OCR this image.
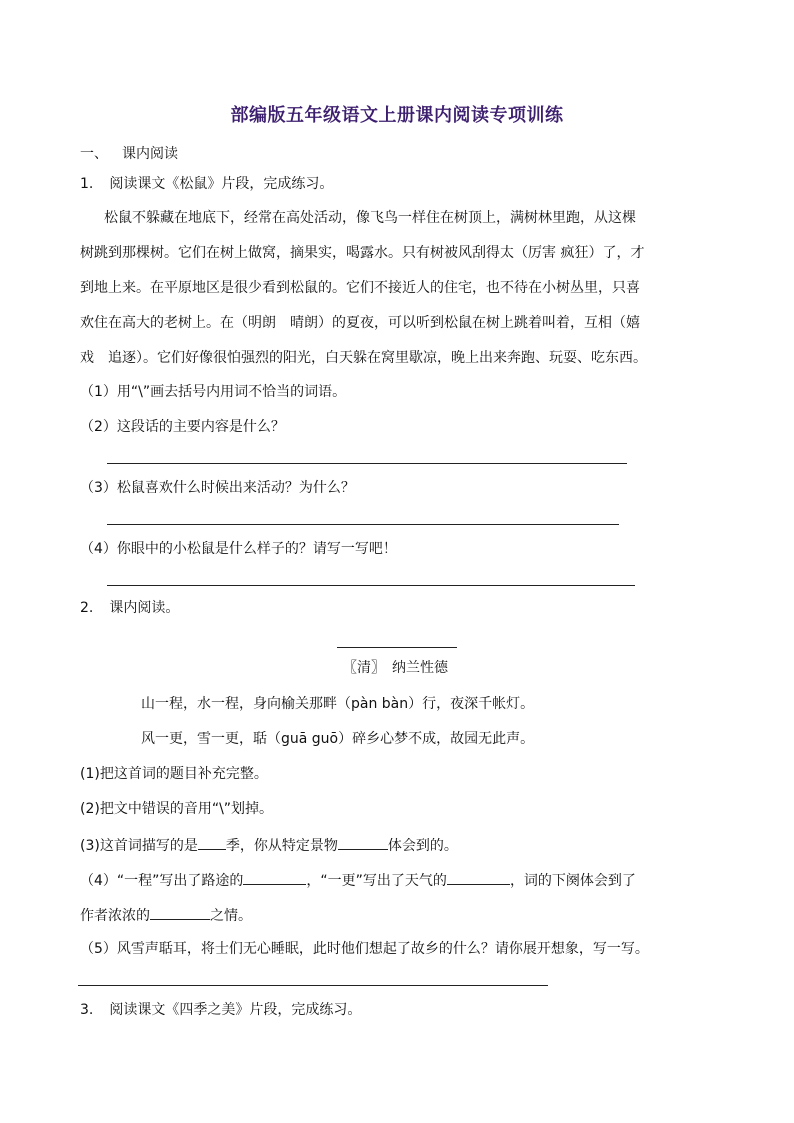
部编版五年级语文上册课内阅读专项训练
一、 课内阅读
1. 阅读课文《松鼠》片段，完成练习。
松鼠不躲藏在地底下，经常在高处活动，像飞鸟一样住在树顶上，满树林里跑，从这棵
树跳到那棵树。它们在树上做窝，摘果实，喝露水。只有树被风刮得太（厉害 疯狂）了，才
到地上来。在平原地区是很少看到松鼠的。它们不接近人的住宅，也不待在小树丛里，只喜
欢住在高大的老树上。在（明朗　晴朗）的夏夜，可以听到松鼠在树上跳着叫着，互相（嬉
戏　追逐）。它们好像很怕强烈的阳光，白天躲在窝里歇凉，晚上出来奔跑、玩耍、吃东西。
（1）用“\”画去括号内用词不恰当的词语。
（2）这段话的主要内容是什么？
（3）松鼠喜欢什么时候出来活动？为什么？
（4）你眼中的小松鼠是什么样子的？请写一写吧！
2. 课内阅读。
〖清〗　纳兰性德
山一程，水一程，身向榆关那畔（pàn bàn）行，夜深千帐灯。
风一更，雪一更，聒（guā guō）碎乡心梦不成，故园无此声。
(1)把这首词的题目补充完整。
(2)把文中错误的音用“\”划掉。
(3)这首词描写的是 季，你从特定景物	体会到的。
（4）“一程”写出了路途的	，“一更”写出了天气的	，词的下阕体会到了
作者浓浓的	之情。
（5）风雪声聒耳，将士们无心睡眠，此时他们想起了故乡的什么？请你展开想象，写一写。
3. 阅读课文《四季之美》片段，完成练习。
